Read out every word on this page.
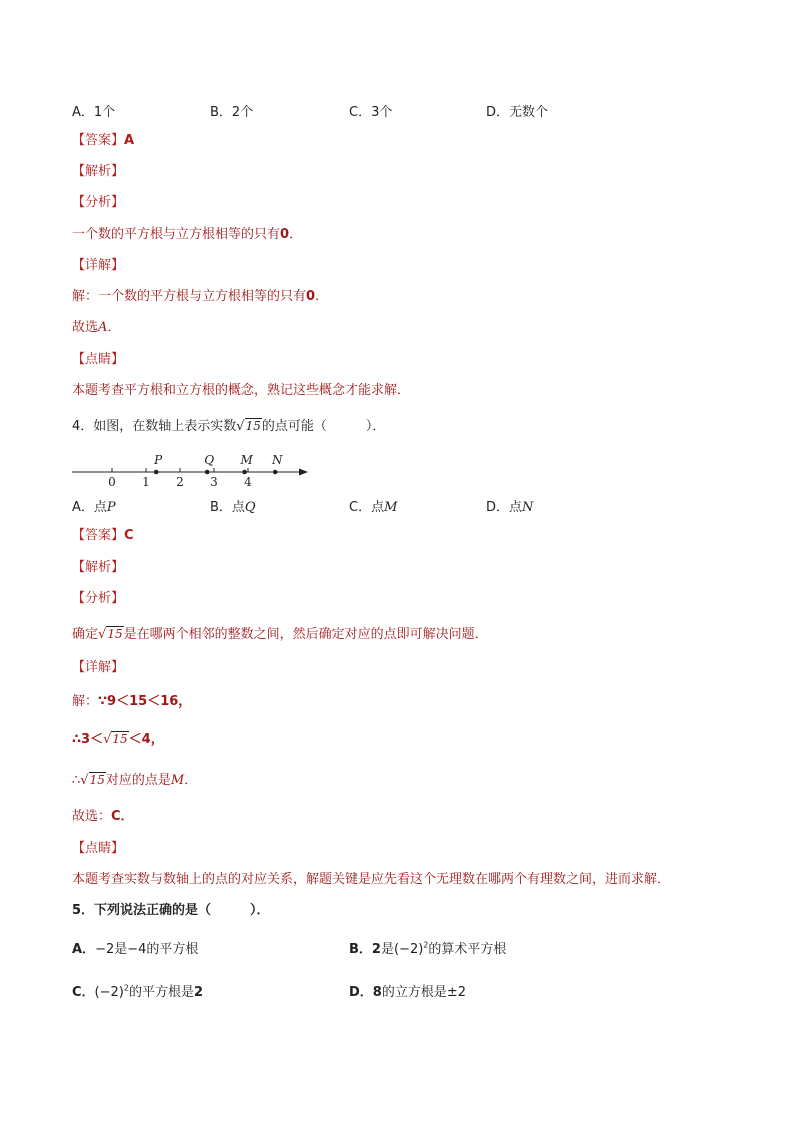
A．1个	B．2个	C．3个	D．无数个
【答案】A
【解析】
【分析】
一个数的平方根与立方根相等的只有0．
【详解】
解：一个数的平方根与立方根相等的只有0．
故选A．
【点睛】
本题考查平方根和立方根的概念，熟记这些概念才能求解．
4．如图，在数轴上表示实数√15的点可能（　　　）．
0 1 2 3 4
P	Q M N
A．点P	B．点Q	C．点M	D．点N
【答案】C
【解析】
【分析】
确定√15是在哪两个相邻的整数之间，然后确定对应的点即可解决问题．
【详解】
解：∵9＜15＜16，
∴3＜√15＜4，
∴√15对应的点是M．
故选：C．
【点睛】
本题考查实数与数轴上的点的对应关系，解题关键是应先看这个无理数在哪两个有理数之间，进而求解．
5．下列说法正确的是（　　　）．
A．−2是−4的平方根	B．2是$(-2)^2$的算术平方根
C．$(-2)^2$的平方根是2	D．8的立方根是±2
